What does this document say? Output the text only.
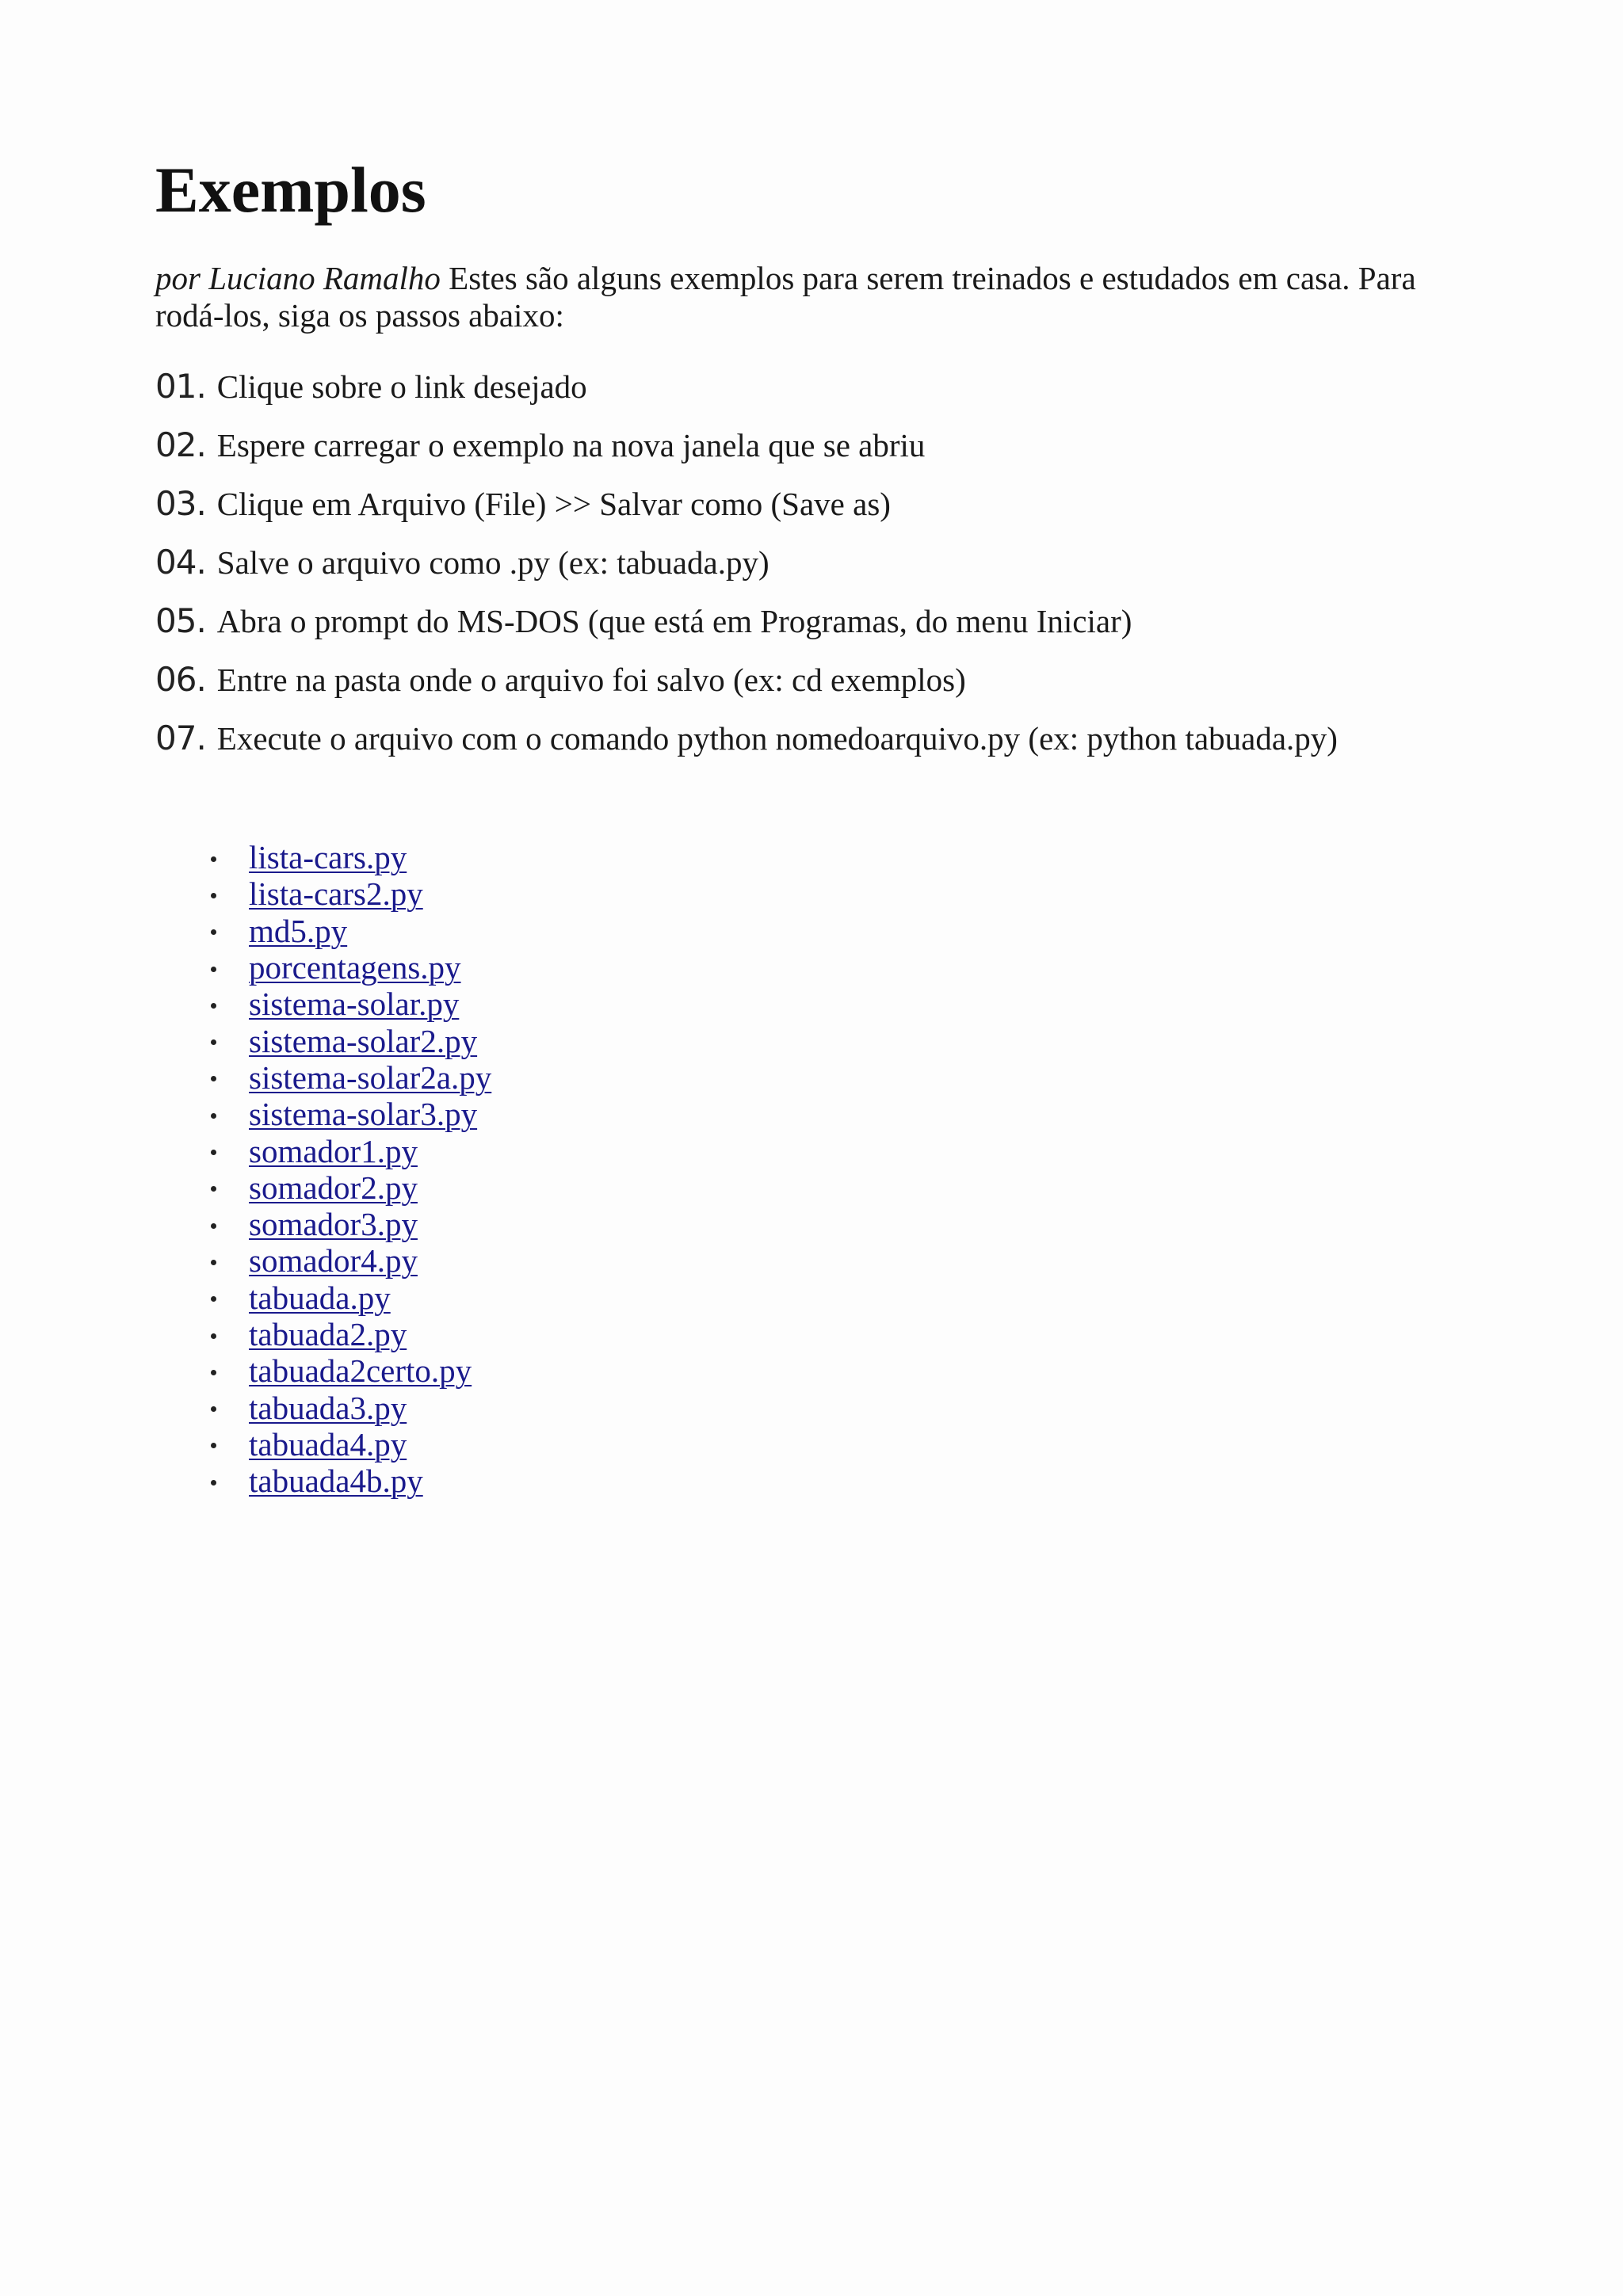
Exemplos

por Luciano Ramalho Estes são alguns exemplos para serem treinados e estudados em casa. Para rodá-los, siga os passos abaixo:

01. Clique sobre o link desejado
02. Espere carregar o exemplo na nova janela que se abriu
03. Clique em Arquivo (File) >> Salvar como (Save as)
04. Salve o arquivo como .py (ex: tabuada.py)
05. Abra o prompt do MS-DOS (que está em Programas, do menu Iniciar)
06. Entre na pasta onde o arquivo foi salvo (ex: cd exemplos)
07. Execute o arquivo com o comando python nomedoarquivo.py (ex: python tabuada.py)
lista-cars.py
lista-cars2.py
md5.py
porcentagens.py
sistema-solar.py
sistema-solar2.py
sistema-solar2a.py
sistema-solar3.py
somador1.py
somador2.py
somador3.py
somador4.py
tabuada.py
tabuada2.py
tabuada2certo.py
tabuada3.py
tabuada4.py
tabuada4b.py
